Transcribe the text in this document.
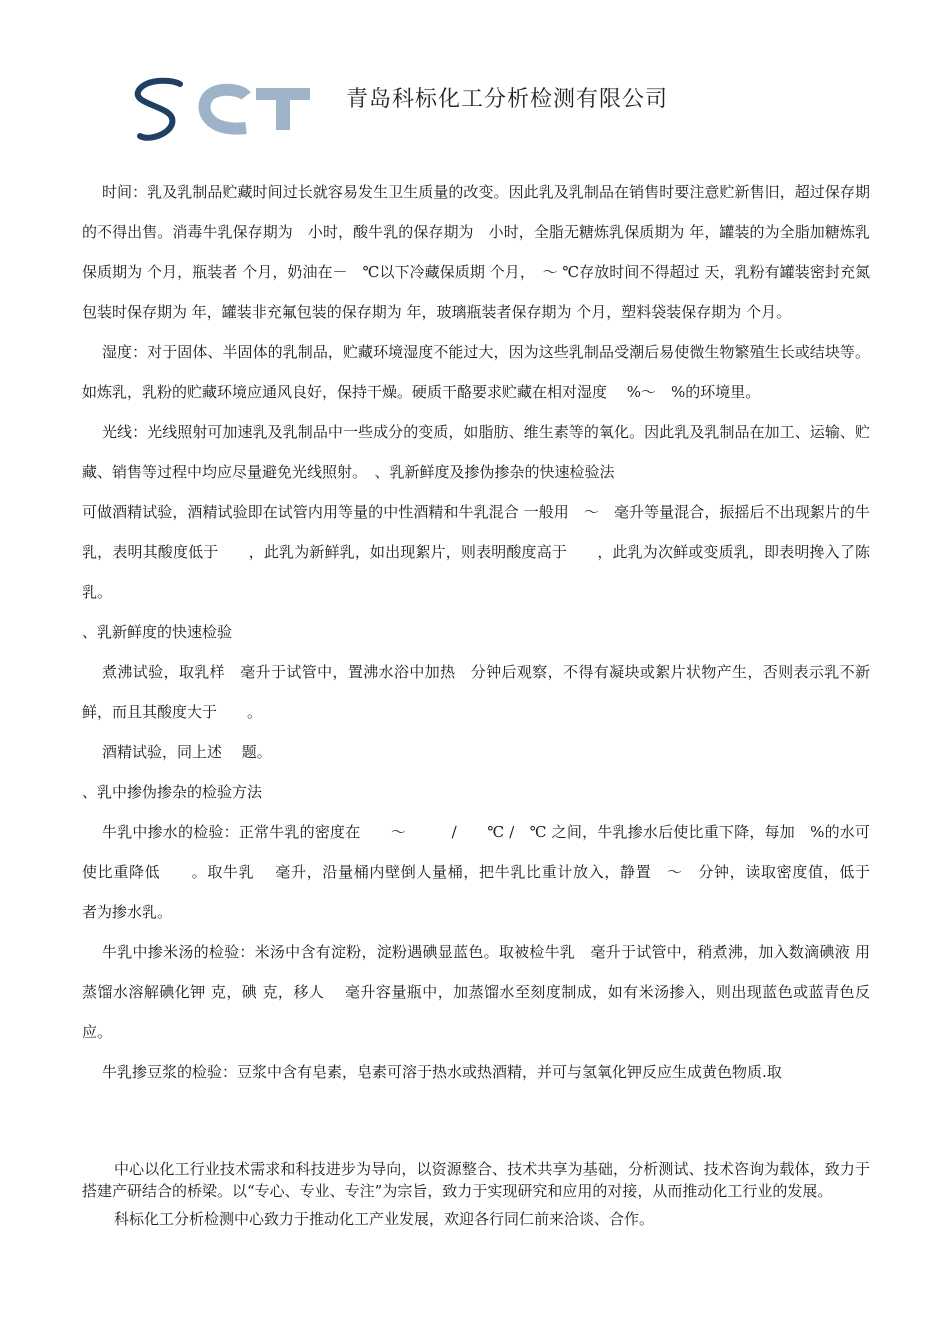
青岛科标化工分析检测有限公司

时间：乳及乳制品贮藏时间过长就容易发生卫生质量的改变。因此乳及乳制品在销售时要注意贮新售旧，超过保存期的不得出售。消毒牛乳保存期为　小时，酸牛乳的保存期为　小时，全脂无糖炼乳保质期为 年，罐装的为全脂加糖炼乳保质期为 个月，瓶装者 个月，奶油在－　℃以下冷藏保质期 个月，　～ ℃存放时间不得超过 天，乳粉有罐装密封充氮包装时保存期为 年，罐装非充氟包装的保存期为 年，玻璃瓶装者保存期为 个月，塑料袋装保存期为 个月。

湿度：对于固体、半固体的乳制品，贮藏环境湿度不能过大，因为这些乳制品受潮后易使微生物繁殖生长或结块等。如炼乳，乳粉的贮藏环境应通风良好，保持干燥。硬质干酪要求贮藏在相对湿度　 %～　%的环境里。

光线：光线照射可加速乳及乳制品中一些成分的变质，如脂肪、维生素等的氧化。因此乳及乳制品在加工、运输、贮藏、销售等过程中均应尽量避免光线照射。　、乳新鲜度及掺伪掺杂的快速检验法

可做酒精试验，酒精试验即在试管内用等量的中性酒精和牛乳混合 一般用　～　毫升等量混合，振摇后不出现絮片的牛乳，表明其酸度低于　　，此乳为新鲜乳，如出现絮片，则表明酸度高于　　，此乳为次鲜或变质乳，即表明搀入了陈乳。

、乳新鲜度的快速检验

煮沸试验，取乳样　毫升于试管中，置沸水浴中加热　分钟后观察，不得有凝块或絮片状物产生，否则表示乳不新鲜，而且其酸度大于　　。

酒精试验，同上述　 题。

、乳中掺伪掺杂的检验方法

牛乳中掺水的检验：正常牛乳的密度在　　～　　　/　　℃ /　℃ 之间，牛乳掺水后使比重下降，每加　%的水可使比重降低　　。取牛乳　 毫升，沿量桶内壁倒人量桶，把牛乳比重计放入，静置　～　分钟，读取密度值，低于　　者为掺水乳。

牛乳中掺米汤的检验：米汤中含有淀粉，淀粉遇碘显蓝色。取被检牛乳　毫升于试管中，稍煮沸，加入数滴碘液 用蒸馏水溶解碘化钾 克，碘 克，移人　 毫升容量瓶中，加蒸馏水至刻度制成，如有米汤掺入，则出现蓝色或蓝青色反应。

牛乳掺豆浆的检验：豆浆中含有皂素，皂素可溶于热水或热酒精，并可与氢氧化钾反应生成黄色物质.取

中心以化工行业技术需求和科技进步为导向，以资源整合、技术共享为基础，分析测试、技术咨询为载体，致力于搭建产研结合的桥梁。以“专心、专业、专注”为宗旨，致力于实现研究和应用的对接，从而推动化工行业的发展。

科标化工分析检测中心致力于推动化工产业发展，欢迎各行同仁前来洽谈、合作。
